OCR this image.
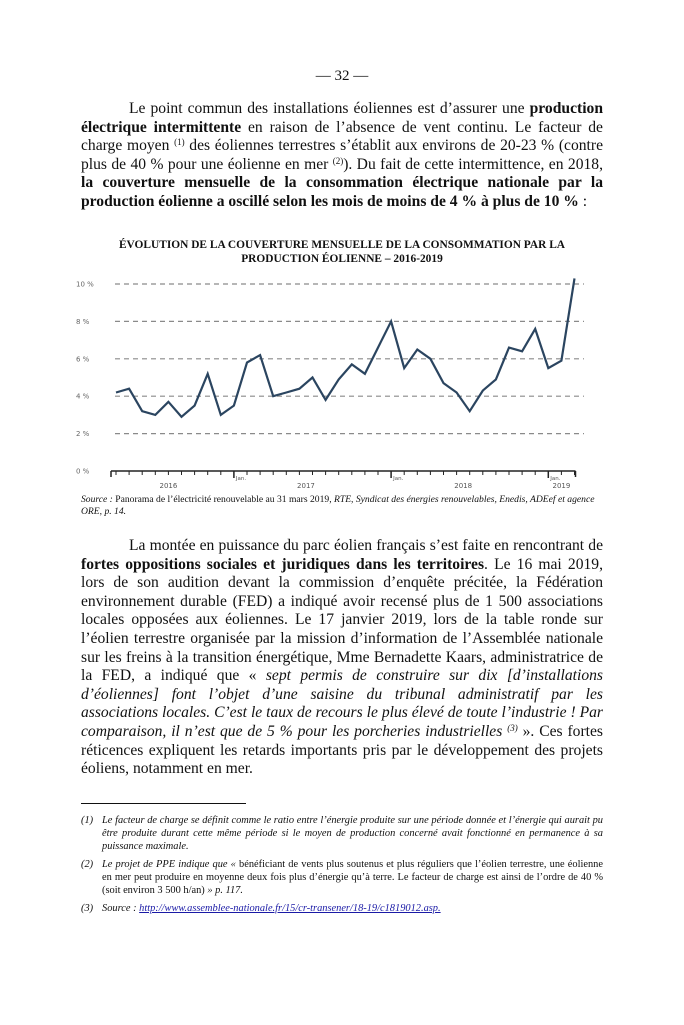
— 32 —
Le point commun des installations éoliennes est d’assurer une production électrique intermittente en raison de l’absence de vent continu. Le facteur de charge moyen $^{(1)}$ des éoliennes terrestres s’établit aux environs de 20-23 % (contre plus de 40 % pour une éolienne en mer $^{(2)}$). Du fait de cette intermittence, en 2018, la couverture mensuelle de la consommation électrique nationale par la production éolienne a oscillé selon les mois de moins de 4 % à plus de 10 % :
ÉVOLUTION DE LA COUVERTURE MENSUELLE DE LA CONSOMMATION PAR LA
PRODUCTION ÉOLIENNE – 2016-2019
0 %
2 %
4 %
6 %
8 %
10 %
Jan.	Jan.	Jan.
2016	2017	2018	2019
Source : Panorama de l’électricité renouvelable au 31 mars 2019, RTE, Syndicat des énergies renouvelables, Enedis, ADEef et agence ORE, p. 14.
La montée en puissance du parc éolien français s’est faite en rencontrant de fortes oppositions sociales et juridiques dans les territoires. Le 16 mai 2019, lors de son audition devant la commission d’enquête précitée, la Fédération environnement durable (FED) a indiqué avoir recensé plus de 1 500 associations locales opposées aux éoliennes. Le 17 janvier 2019, lors de la table ronde sur l’éolien terrestre organisée par la mission d’information de l’Assemblée nationale sur les freins à la transition énergétique, Mme Bernadette Kaars, administratrice de la FED, a indiqué que « sept permis de construire sur dix [d’installations d’éoliennes] font l’objet d’une saisine du tribunal administratif par les associations locales. C’est le taux de recours le plus élevé de toute l’industrie ! Par comparaison, il n’est que de 5 % pour les porcheries industrielles $^{(3)}$ ». Ces fortes réticences expliquent les retards importants pris par le développement des projets éoliens, notamment en mer.
(1) Le facteur de charge se définit comme le ratio entre l’énergie produite sur une période donnée et l’énergie qui aurait pu être produite durant cette même période si le moyen de production concerné avait fonctionné en permanence à sa puissance maximale.
(2) Le projet de PPE indique que « bénéficiant de vents plus soutenus et plus réguliers que l’éolien terrestre, une éolienne en mer peut produire en moyenne deux fois plus d’énergie qu’à terre. Le facteur de charge est ainsi de l’ordre de 40 % (soit environ 3 500 h/an) » p. 117.
(3) Source : http://www.assemblee-nationale.fr/15/cr-transener/18-19/c1819012.asp.
